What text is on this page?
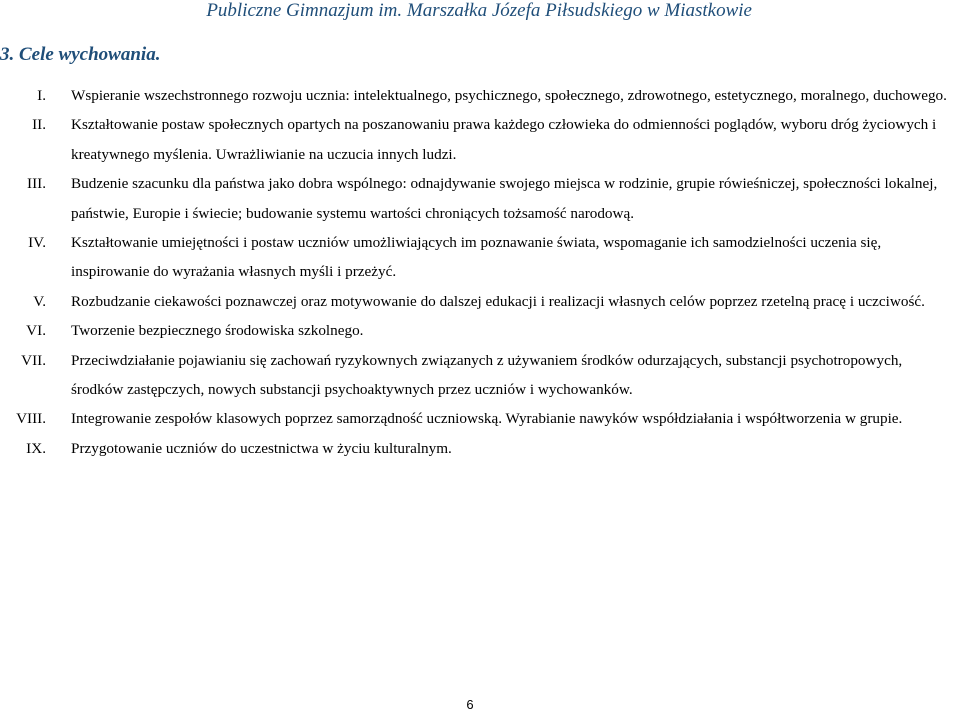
Publiczne Gimnazjum im. Marszałka Józefa Piłsudskiego w Miastkowie
3. Cele wychowania.
I. Wspieranie wszechstronnego rozwoju ucznia: intelektualnego, psychicznego, społecznego, zdrowotnego, estetycznego, moralnego, duchowego.
II. Kształtowanie postaw społecznych opartych na poszanowaniu prawa każdego człowieka do odmienności poglądów, wyboru dróg życiowych i kreatywnego myślenia. Uwrażliwianie na uczucia innych ludzi.
III. Budzenie szacunku dla państwa jako dobra wspólnego: odnajdywanie swojego miejsca w rodzinie, grupie rówieśniczej, społeczności lokalnej, państwie, Europie i świecie; budowanie systemu wartości chroniących tożsamość narodową.
IV. Kształtowanie umiejętności i postaw uczniów umożliwiających im poznawanie świata, wspomaganie ich samodzielności uczenia się, inspirowanie do wyrażania własnych myśli i przeżyć.
V. Rozbudzanie ciekawości poznawczej oraz motywowanie do dalszej edukacji i realizacji własnych celów poprzez rzetelną pracę i uczciwość.
VI. Tworzenie bezpiecznego środowiska szkolnego.
VII. Przeciwdziałanie pojawianiu się zachowań ryzykownych związanych z używaniem środków odurzających, substancji psychotropowych, środków zastępczych, nowych substancji psychoaktywnych przez uczniów i wychowanków.
VIII. Integrowanie zespołów klasowych poprzez samorządność uczniowską. Wyrabianie nawyków współdziałania i współtworzenia w grupie.
IX. Przygotowanie uczniów do uczestnictwa w życiu kulturalnym.
6
